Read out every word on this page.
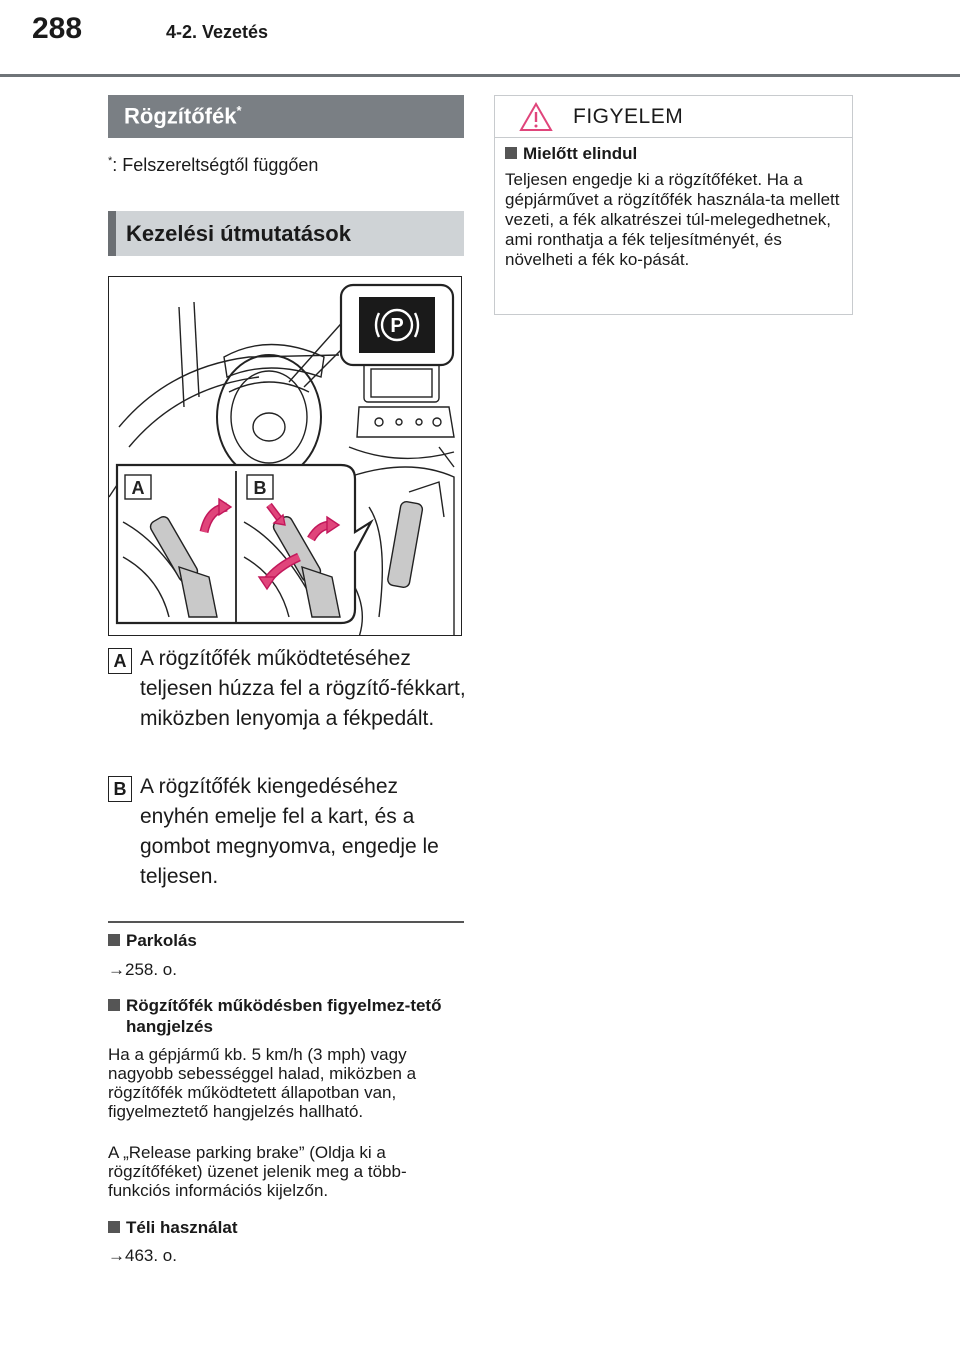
288	4-2. Vezetés
Rögzítőfék*
*: Felszereltségtől függően
Kezelési útmutatások
P
A	B
A A rögzítőfék működtetéséhez teljesen húzza fel a rögzítő-fékkart, miközben lenyomja a fékpedált.
B A rögzítőfék kiengedéséhez enyhén emelje fel a kart, és a gombot megnyomva, engedje le teljesen.
Parkolás
→258. o.
Rögzítőfék működésben figyelmez-tető hangjelzés
Ha a gépjármű kb. 5 km/h (3 mph) vagy nagyobb sebességgel halad, miközben a rögzítőfék működtetett állapotban van, figyelmeztető hangjelzés hallható.
A „Release parking brake” (Oldja ki a rögzítőféket) üzenet jelenik meg a több-funkciós információs kijelzőn.
Téli használat
→463. o.
FIGYELEM
Mielőtt elindul
Teljesen engedje ki a rögzítőféket. Ha a gépjárművet a rögzítőfék használa-ta mellett vezeti, a fék alkatrészei túl-melegedhetnek, ami ronthatja a fék teljesítményét, és növelheti a fék ko-pását.
